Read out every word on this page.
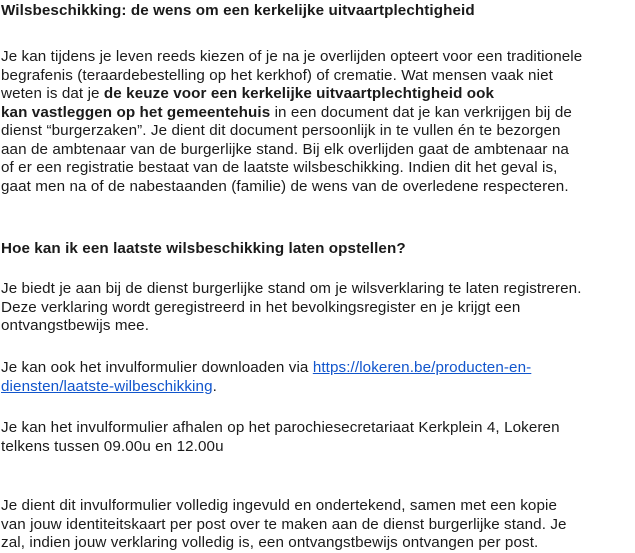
Wilsbeschikking: de wens om een kerkelijke uitvaartplechtigheid

Je kan tijdens je leven reeds kiezen of je na je overlijden opteert voor een traditionele
begrafenis (teraardebestelling op het kerkhof) of crematie. Wat mensen vaak niet
weten is dat je de keuze voor een kerkelijke uitvaartplechtigheid ook
kan vastleggen op het gemeentehuis in een document dat je kan verkrijgen bij de
dienst “burgerzaken”. Je dient dit document persoonlijk in te vullen én te bezorgen
aan de ambtenaar van de burgerlijke stand. Bij elk overlijden gaat de ambtenaar na
of er een registratie bestaat van de laatste wilsbeschikking. Indien dit het geval is,
gaat men na of de nabestaanden (familie) de wens van de overledene respecteren.

Hoe kan ik een laatste wilsbeschikking laten opstellen?

Je biedt je aan bij de dienst burgerlijke stand om je wilsverklaring te laten registreren.
Deze verklaring wordt geregistreerd in het bevolkingsregister en je krijgt een
ontvangstbewijs mee.

Je kan ook het invulformulier downloaden via https://lokeren.be/producten-en-
diensten/laatste-wilbeschikking.

Je kan het invulformulier afhalen op het parochiesecretariaat Kerkplein 4, Lokeren
telkens tussen 09.00u en 12.00u

Je dient dit invulformulier volledig ingevuld en ondertekend, samen met een kopie
van jouw identiteitskaart per post over te maken aan de dienst burgerlijke stand. Je
zal, indien jouw verklaring volledig is, een ontvangstbewijs ontvangen per post.
